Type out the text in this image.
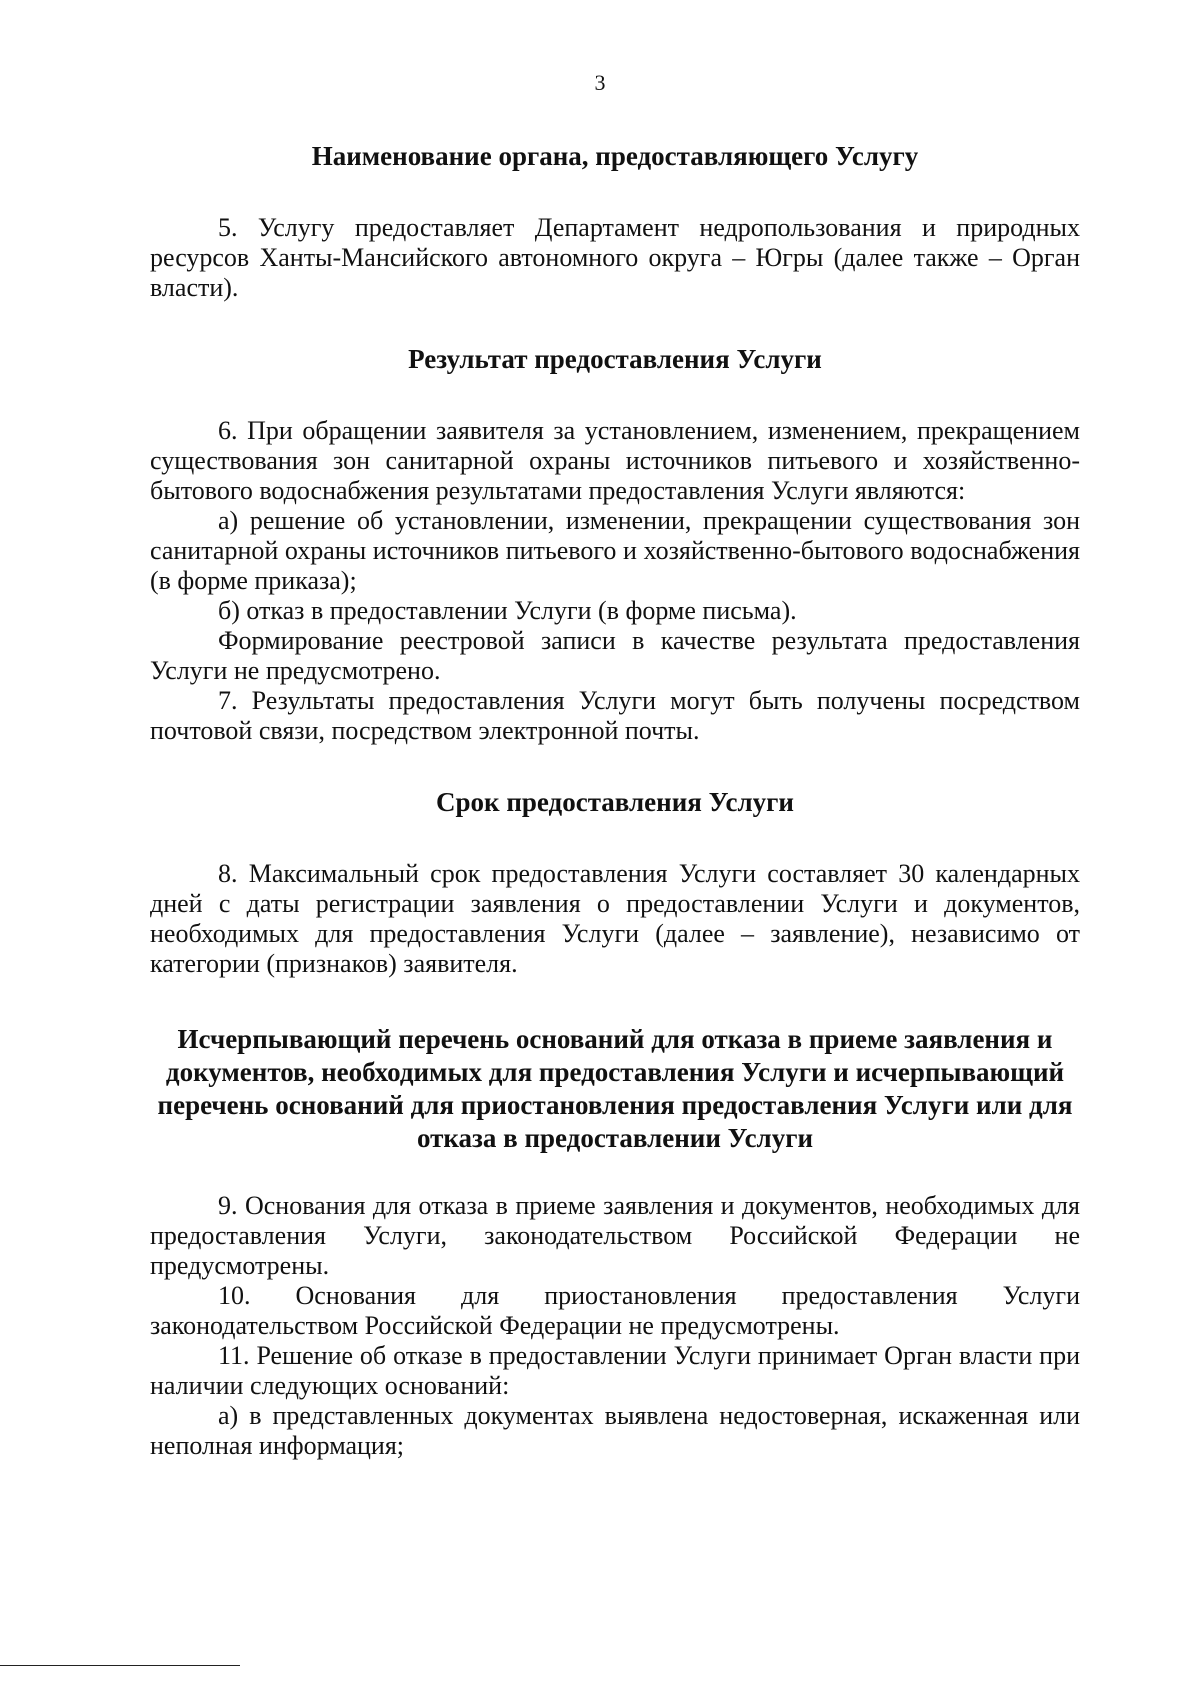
3
Наименование органа, предоставляющего Услугу

5. Услугу предоставляет Департамент недропользования и природных ресурсов Ханты-Мансийского автономного округа – Югры (далее также – Орган власти).

Результат предоставления Услуги

6. При обращении заявителя за установлением, изменением, прекращением существования зон санитарной охраны источников питьевого и хозяйственно-бытового водоснабжения результатами предоставления Услуги являются:

а) решение об установлении, изменении, прекращении существования зон санитарной охраны источников питьевого и хозяйственно-бытового водоснабжения (в форме приказа);

б) отказ в предоставлении Услуги (в форме письма).

Формирование реестровой записи в качестве результата предоставления Услуги не предусмотрено.

7. Результаты предоставления Услуги могут быть получены посредством почтовой связи, посредством электронной почты.

Срок предоставления Услуги

8. Максимальный срок предоставления Услуги составляет 30 календарных дней с даты регистрации заявления о предоставлении Услуги и документов, необходимых для предоставления Услуги (далее – заявление), независимо от категории (признаков) заявителя.

Исчерпывающий перечень оснований для отказа в приеме заявления и документов, необходимых для предоставления Услуги и исчерпывающий перечень оснований для приостановления предоставления Услуги или для отказа в предоставлении Услуги

9. Основания для отказа в приеме заявления и документов, необходимых для предоставления Услуги, законодательством Российской Федерации не предусмотрены.

10. Основания для приостановления предоставления Услуги законодательством Российской Федерации не предусмотрены.

11. Решение об отказе в предоставлении Услуги принимает Орган власти при наличии следующих оснований:

а) в представленных документах выявлена недостоверная, искаженная или неполная информация;
